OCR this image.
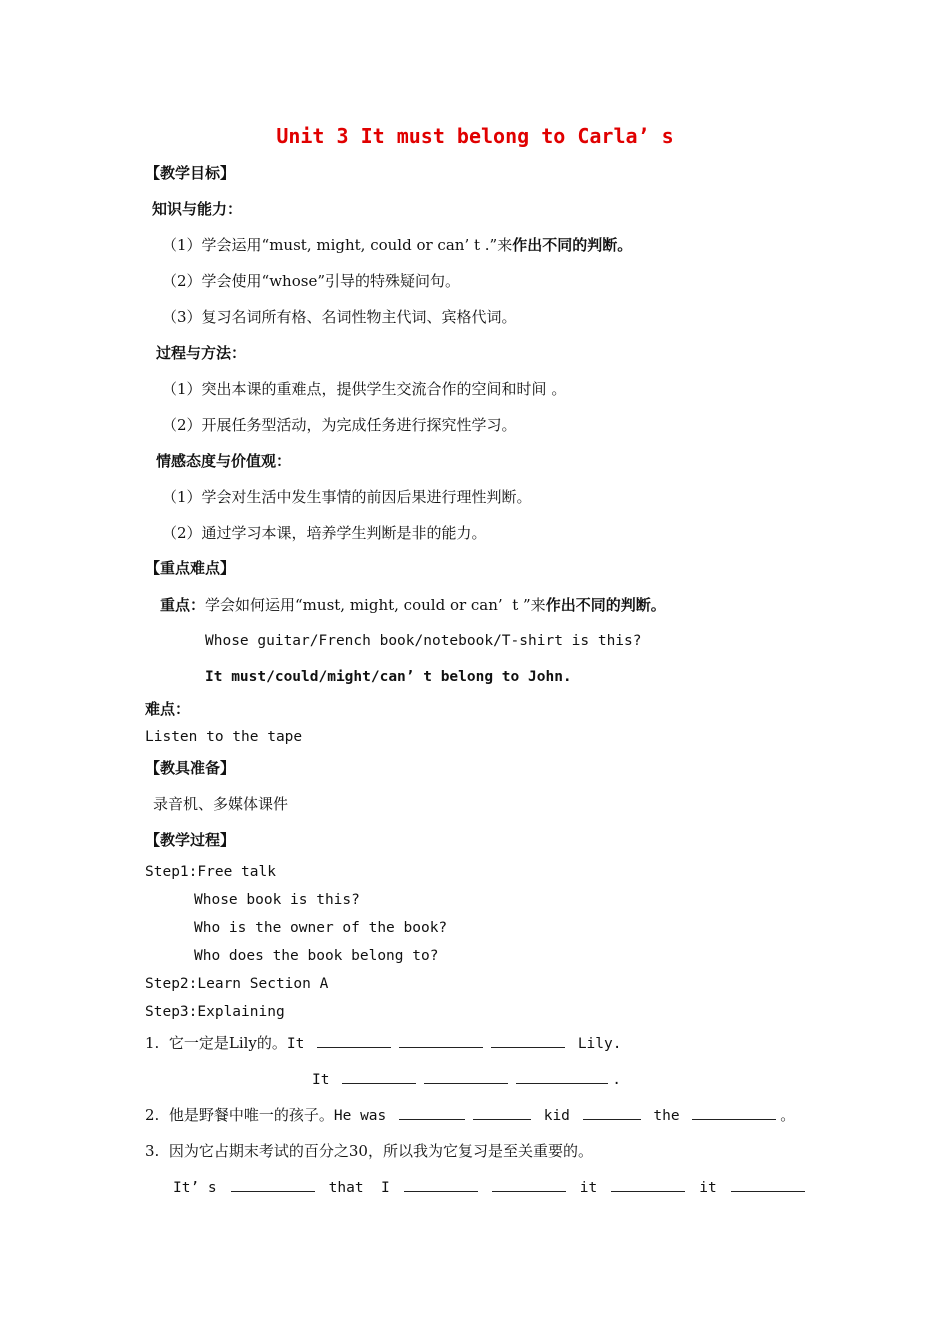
Unit 3 It must belong to Carla’ s
【教学目标】
知识与能力：
（1）学会运用“must, might, could or can’ t .”来作出不同的判断。
（2）学会使用“whose”引导的特殊疑问句。
（3）复习名词所有格、名词性物主代词、宾格代词。
过程与方法：
（1）突出本课的重难点，提供学生交流合作的空间和时间 。
（2）开展任务型活动，为完成任务进行探究性学习。
情感态度与价值观：
（1）学会对生活中发生事情的前因后果进行理性判断。
（2）通过学习本课，培养学生判断是非的能力。
【重点难点】
重点：学会如何运用“must, might, could or can’  t ”来作出不同的判断。
Whose guitar/French book/notebook/T-shirt is this?
It must/could/might/can’ t belong to John.
难点：
Listen to the tape
【教具准备】
录音机、多媒体课件
【教学过程】
Step1:Free talk
Whose book is this?
Who is the owner of the book?
Who does the book belong to?
Step2:Learn Section A
Step3:Explaining
1. 它一定是Lily的。It	Lily.
It	.
2. 他是野餐中唯一的孩子。He was	kid	the	。
3. 因为它占期末考试的百分之30，所以我为它复习是至关重要的。
It’ s	that  I	it	it
